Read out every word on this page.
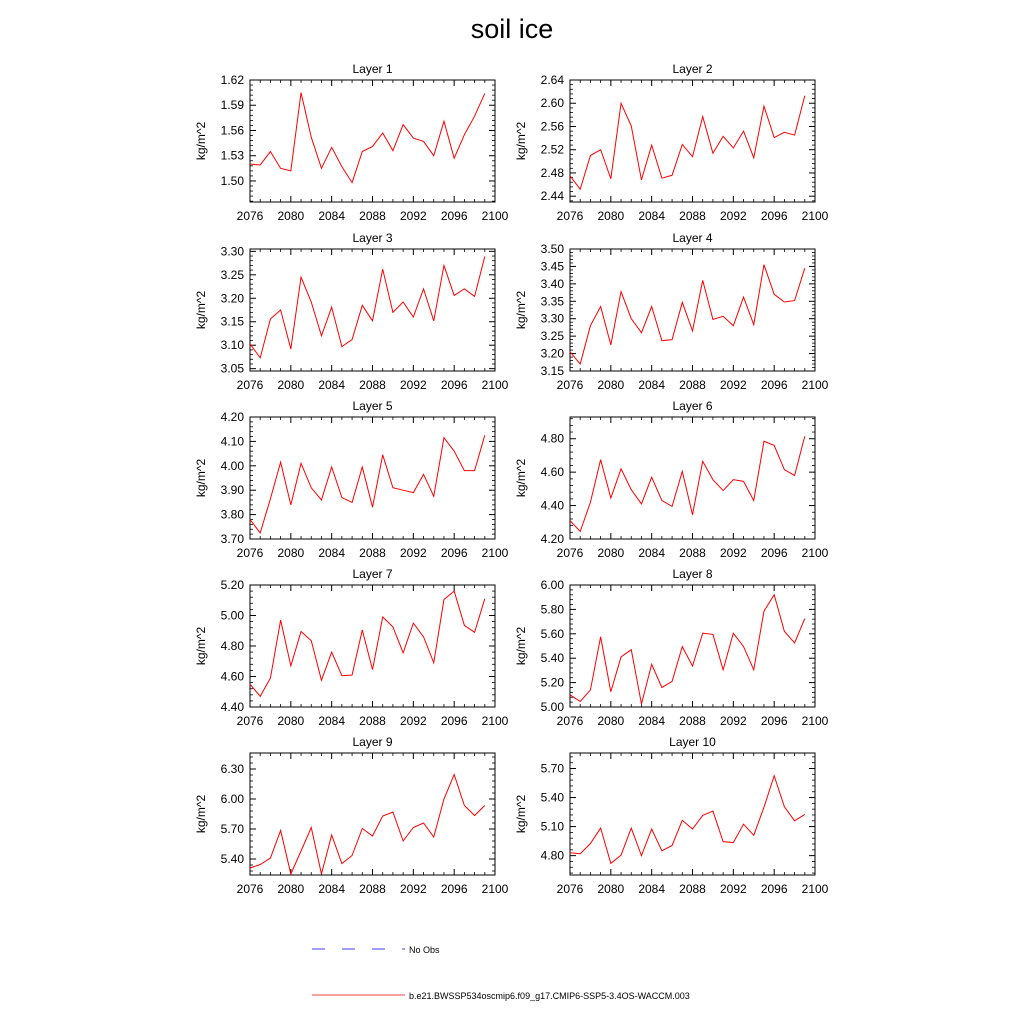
soil ice
Layer 1
kg/m^2
2076 2080 2084 2088 2092 2096 2100
1.50
1.53
1.56
1.59
1.62
Layer 2
kg/m^2
2076 2080 2084 2088 2092 2096 2100
2.44
2.48
2.52
2.56
2.60
2.64
Layer 3
kg/m^2
2076 2080 2084 2088 2092 2096 2100
3.05
3.10
3.15
3.20
3.25
3.30
Layer 4
kg/m^2
2076 2080 2084 2088 2092 2096 2100
3.15
3.20
3.25
3.30
3.35
3.40
3.45
3.50
Layer 5
kg/m^2
2076 2080 2084 2088 2092 2096 2100
3.70
3.80
3.90
4.00
4.10
4.20
Layer 6
kg/m^2
2076 2080 2084 2088 2092 2096 2100
4.20
4.40
4.60
4.80
Layer 7
kg/m^2
2076 2080 2084 2088 2092 2096 2100
4.40
4.60
4.80
5.00
5.20
Layer 8
kg/m^2
2076 2080 2084 2088 2092 2096 2100
5.00
5.20
5.40
5.60
5.80
6.00
Layer 9
kg/m^2
2076 2080 2084 2088 2092 2096 2100
5.40
5.70
6.00
6.30
Layer 10
kg/m^2
2076 2080 2084 2088 2092 2096 2100
4.80
5.10
5.40
5.70
No Obs
b.e21.BWSSP534oscmip6.f09_g17.CMIP6-SSP5-3.4OS-WACCM.003
